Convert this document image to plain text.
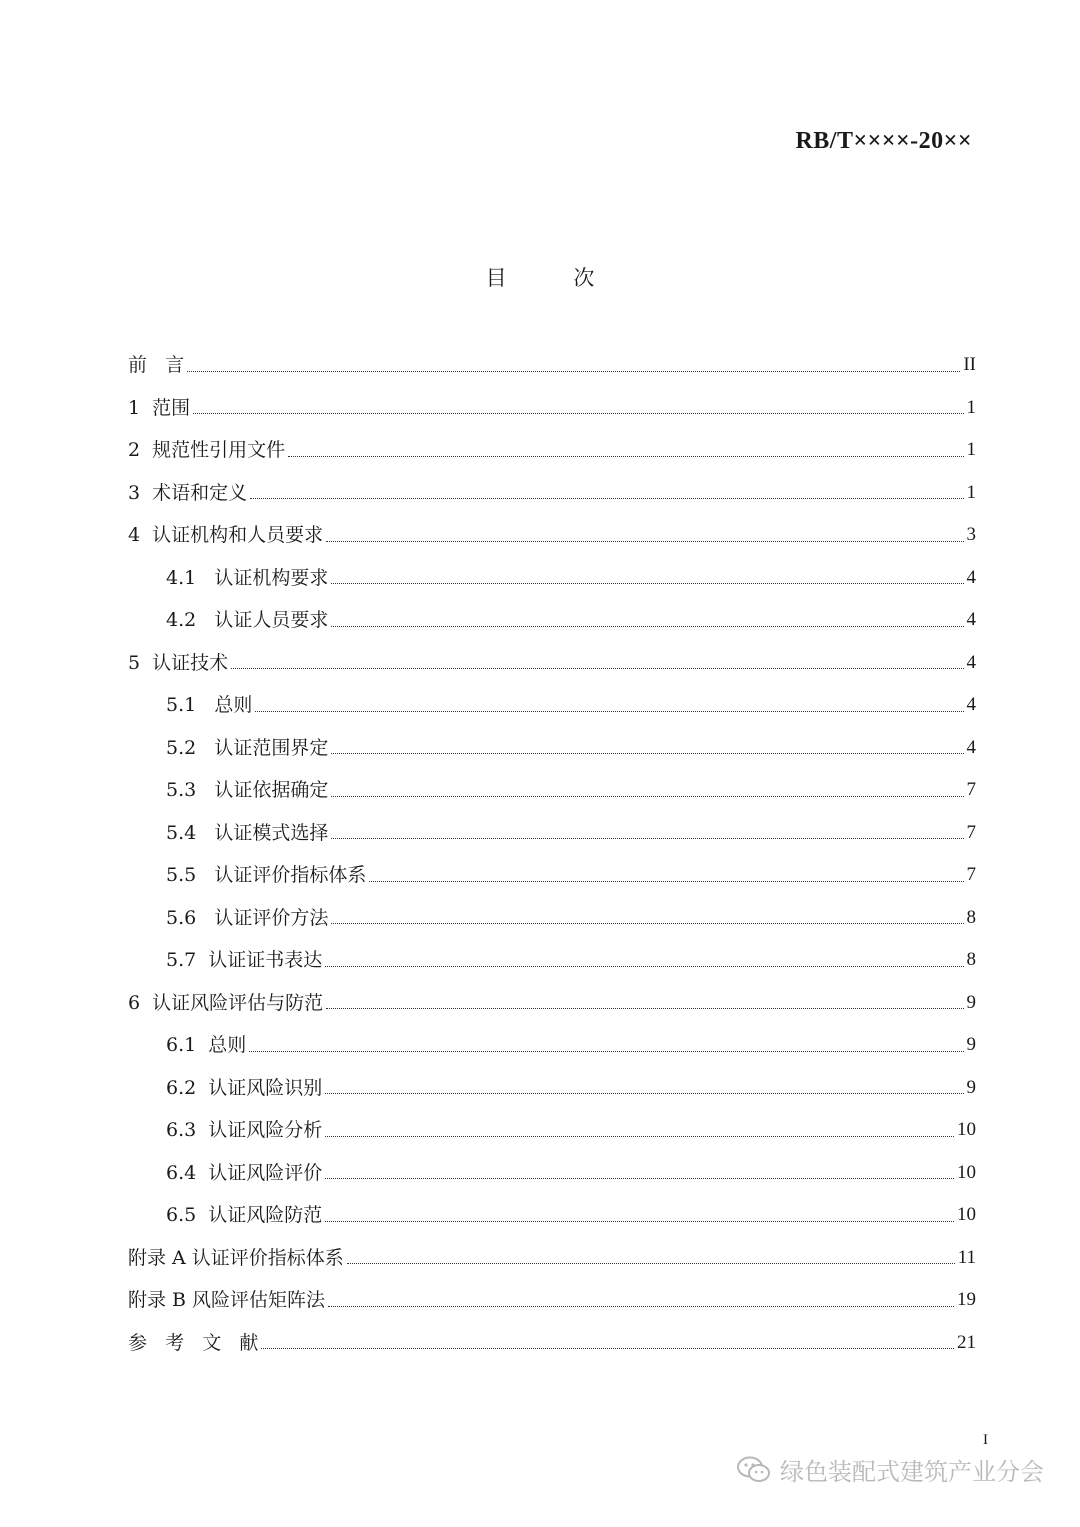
RB/T××××-20××
目 次
前   言	II
1  范围	1
2  规范性引用文件	1
3  术语和定义	1
4  认证机构和人员要求	3
4.1   认证机构要求	4
4.2   认证人员要求	4
5  认证技术	4
5.1   总则	4
5.2   认证范围界定	4
5.3   认证依据确定	7
5.4   认证模式选择	7
5.5   认证评价指标体系	7
5.6   认证评价方法	8
5.7  认证证书表达	8
6  认证风险评估与防范	9
6.1  总则	9
6.2  认证风险识别	9
6.3  认证风险分析	10
6.4  认证风险评价	10
6.5  认证风险防范	10
附录 A 认证评价指标体系	11
附录 B 风险评估矩阵法	19
参   考   文   献	21
I
绿色装配式建筑产业分会
